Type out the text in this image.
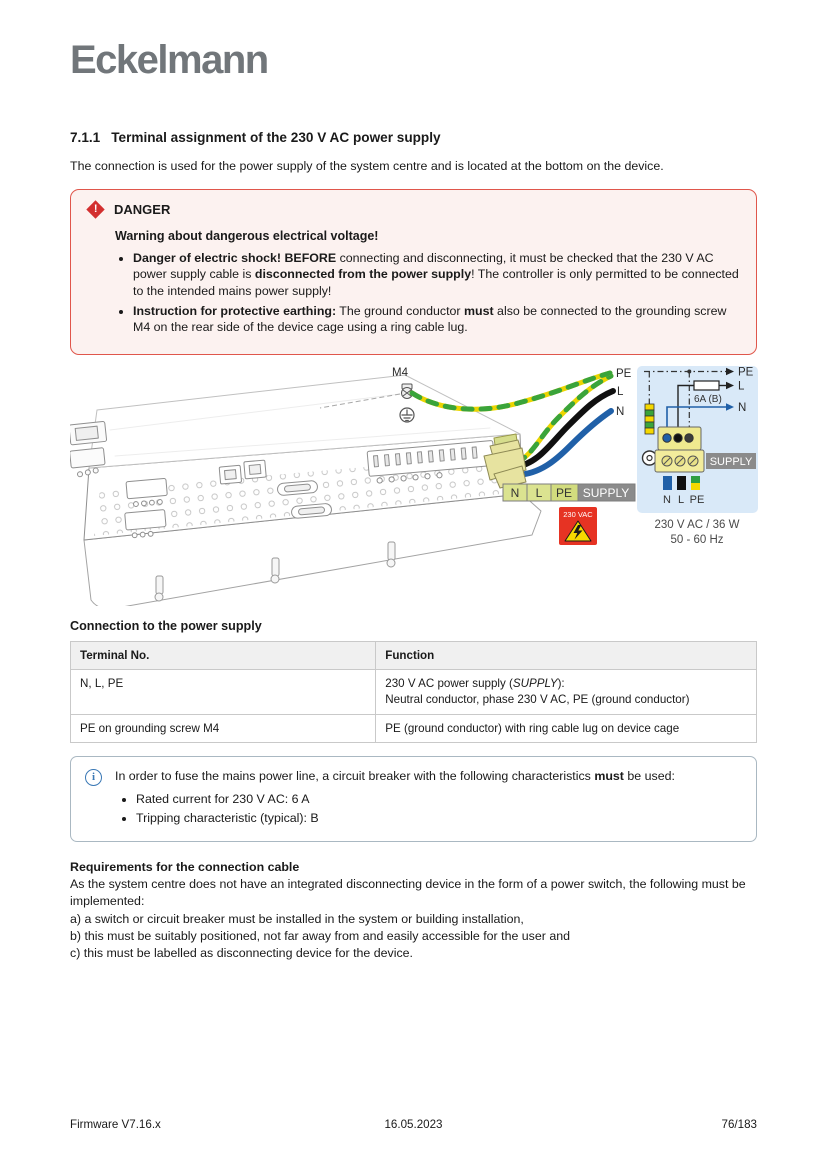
Eckelmann
7.1.1 Terminal assignment of the 230 V AC power supply

The connection is used for the power supply of the system centre and is located at the bottom on the device.

! DANGER
Warning about dangerous electrical voltage!
• Danger of electric shock! BEFORE connecting and disconnecting, it must be checked that the 230 V AC power supply cable is disconnected from the power supply! The controller is only permitted to be connected to the intended mains power supply!
• Instruction for protective earthing: The ground conductor must also be connected to the grounding screw M4 on the rear side of the device cage using a ring cable lug.
M4	PE
L
N
N L PE SUPPLY
230 VAC
PE
L
N
6A (B)
SUPPLY
N L PE
230 V AC / 36 W
50 - 60 Hz
Connection to the power supply
Terminal No.	Function
N, L, PE	230 V AC power supply (SUPPLY):
Neutral conductor, phase 230 V AC, PE (ground conductor)
PE on grounding screw M4	PE (ground conductor) with ring cable lug on device cage
i	In order to fuse the mains power line, a circuit breaker with the following characteristics must be used:
• Rated current for 230 V AC: 6 A
• Tripping characteristic (typical): B
Requirements for the connection cable
As the system centre does not have an integrated disconnecting device in the form of a power switch, the following must be implemented:
a) a switch or circuit breaker must be installed in the system or building installation,
b) this must be suitably positioned, not far away from and easily accessible for the user and
c) this must be labelled as disconnecting device for the device.
Firmware V7.16.x	16.05.2023	76/183
